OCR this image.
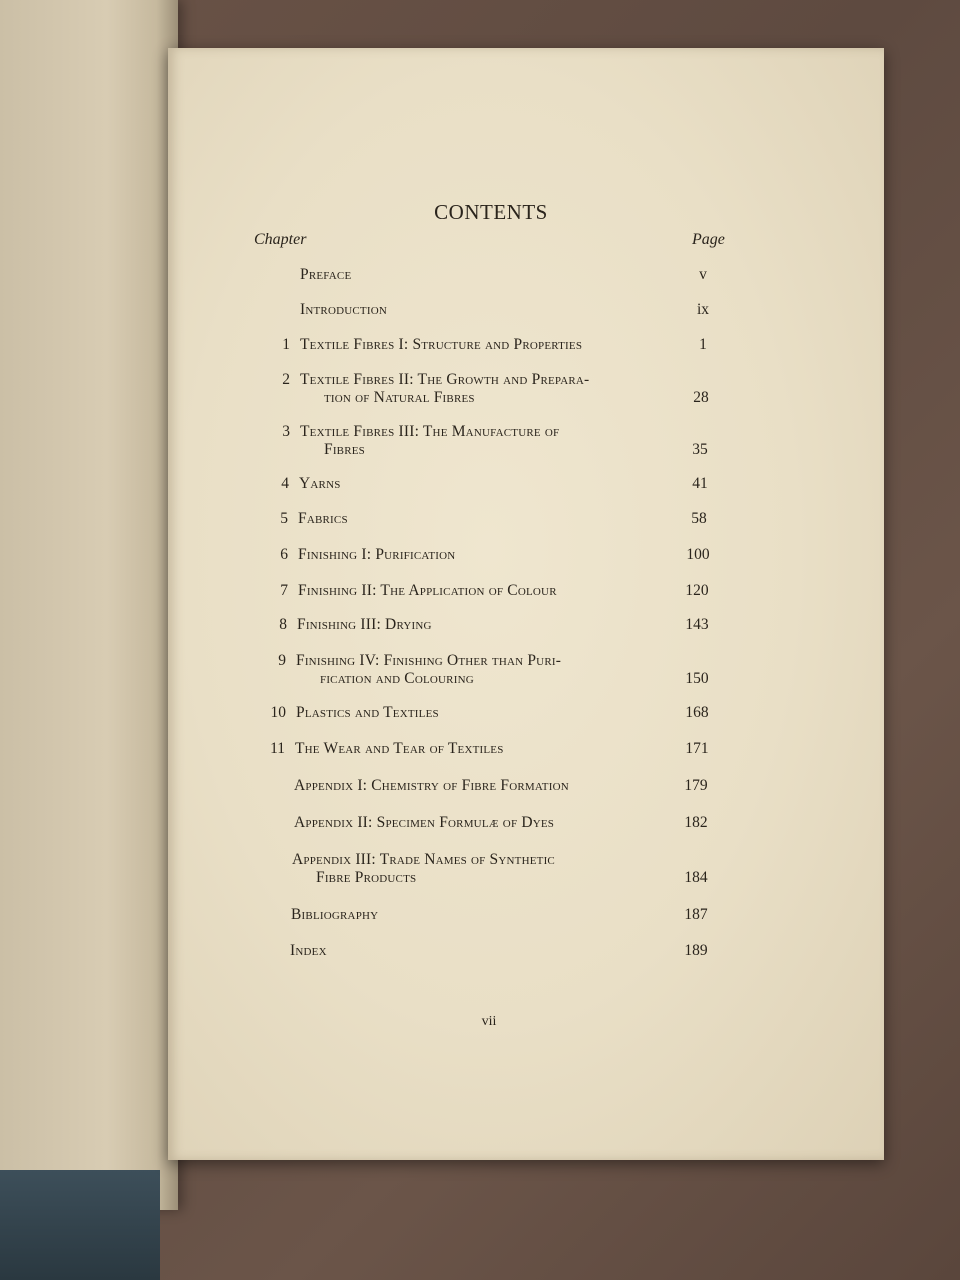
CONTENTS
Chapter	Page
Preface	v
Introduction	ix
1 Textile Fibres I: Structure and Properties	1
2 Textile Fibres II: The Growth and Prepara-
tion of Natural Fibres	28
3 Textile Fibres III: The Manufacture of
Fibres	35
4 Yarns	41
5 Fabrics	58
6 Finishing I: Purification	100
7 Finishing II: The Application of Colour	120
8 Finishing III: Drying	143
9 Finishing IV: Finishing Other than Puri-
fication and Colouring	150
10 Plastics and Textiles	168
11 The Wear and Tear of Textiles	171
Appendix I: Chemistry of Fibre Formation	179
Appendix II: Specimen Formulæ of Dyes	182
Appendix III: Trade Names of Synthetic
Fibre Products	184
Bibliography	187
Index	189
vii
